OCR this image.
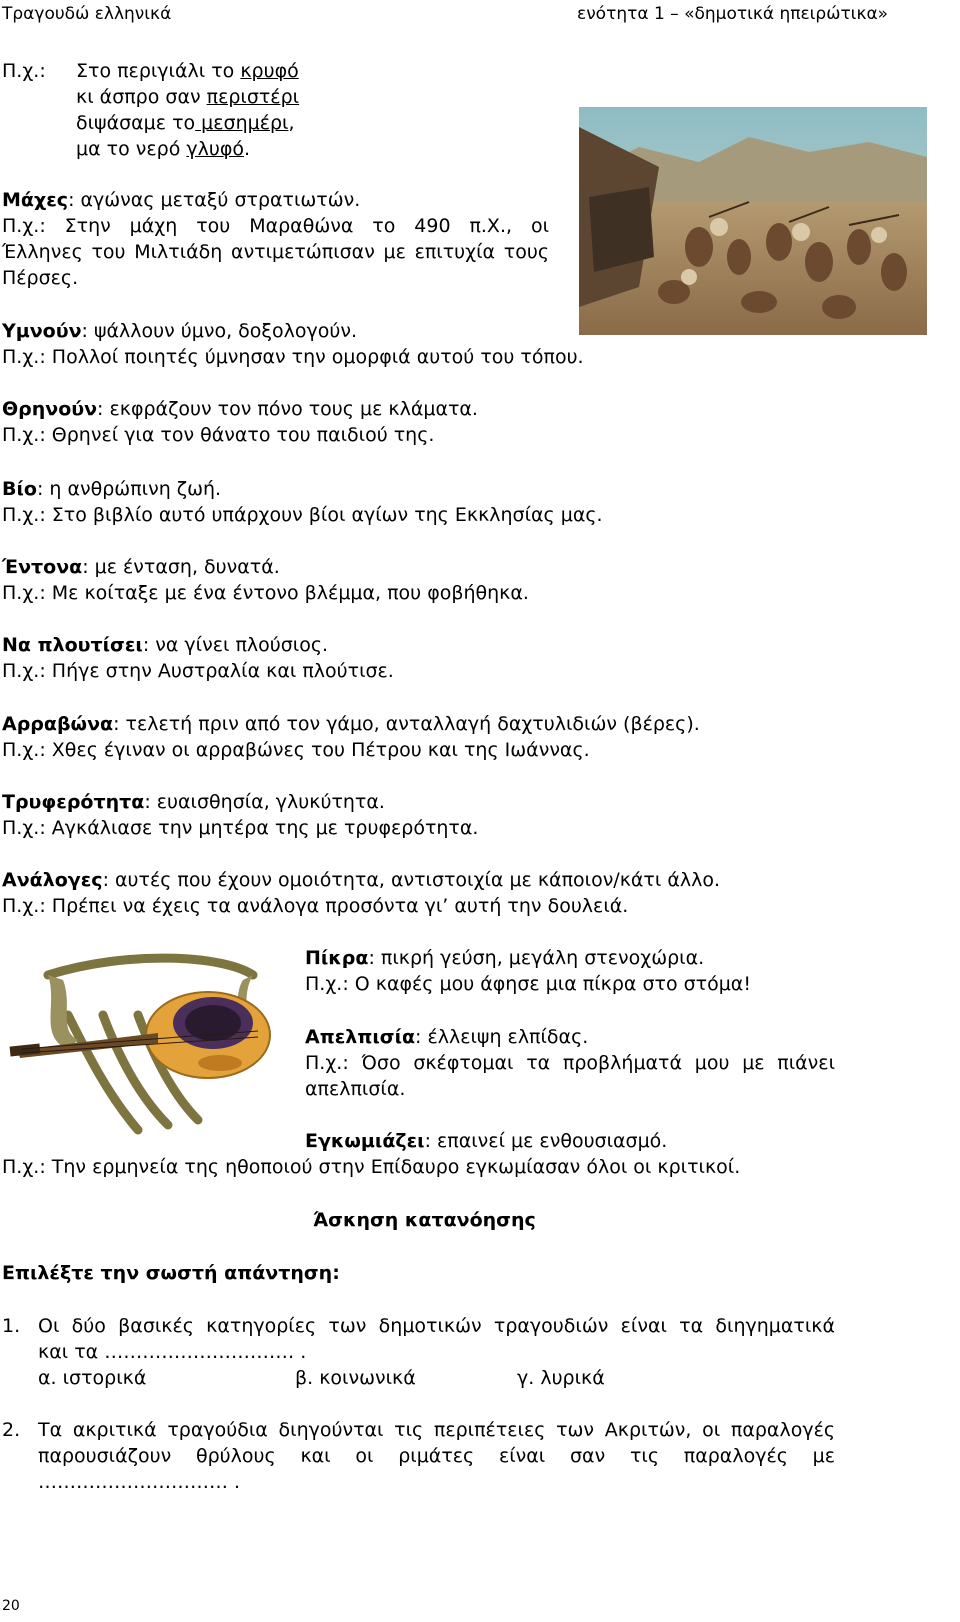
Τραγουδώ ελληνικά	ενότητα 1 – «δημοτικά ηπειρώτικα»
Π.χ.: Στο περιγιάλι το κρυφό
κι άσπρο σαν περιστέρι
διψάσαμε το μεσημέρι,
μα το νερό γλυφό.
Μάχες: αγώνας μεταξύ στρατιωτών.
Π.χ.: Στην μάχη του Μαραθώνα το 490 π.Χ., οι
Έλληνες του Μιλτιάδη αντιμετώπισαν με επιτυχία τους
Πέρσες.
Υμνούν: ψάλλουν ύμνο, δοξολογούν.
Π.χ.: Πολλοί ποιητές ύμνησαν την ομορφιά αυτού του τόπου.
Θρηνούν: εκφράζουν τον πόνο τους με κλάματα.
Π.χ.: Θρηνεί για τον θάνατο του παιδιού της.
Βίο: η ανθρώπινη ζωή.
Π.χ.: Στο βιβλίο αυτό υπάρχουν βίοι αγίων της Εκκλησίας μας.
Έντονα: με ένταση, δυνατά.
Π.χ.: Με κοίταξε με ένα έντονο βλέμμα, που φοβήθηκα.
Να πλουτίσει: να γίνει πλούσιος.
Π.χ.: Πήγε στην Αυστραλία και πλούτισε.
Αρραβώνα: τελετή πριν από τον γάμο, ανταλλαγή δαχτυλιδιών (βέρες).
Π.χ.: Χθες έγιναν οι αρραβώνες του Πέτρου και της Ιωάννας.
Τρυφερότητα: ευαισθησία, γλυκύτητα.
Π.χ.: Αγκάλιασε την μητέρα της με τρυφερότητα.
Ανάλογες: αυτές που έχουν ομοιότητα, αντιστοιχία με κάποιον/κάτι άλλο.
Π.χ.: Πρέπει να έχεις τα ανάλογα προσόντα γι’ αυτή την δουλειά.
Πίκρα: πικρή γεύση, μεγάλη στενοχώρια.
Π.χ.: Ο καφές μου άφησε μια πίκρα στο στόμα!
Απελπισία: έλλειψη ελπίδας.
Π.χ.: Όσο σκέφτομαι τα προβλήματά μου με πιάνει
απελπισία.
Εγκωμιάζει: επαινεί με ενθουσιασμό.
Π.χ.: Την ερμηνεία της ηθοποιού στην Επίδαυρο εγκωμίασαν όλοι οι κριτικοί.
Άσκηση κατανόησης
Επιλέξτε την σωστή απάντηση:
1. Οι δύο βασικές κατηγορίες των δημοτικών τραγουδιών είναι τα διηγηματικά
και τα ………………………… .
α. ιστορικά	β. κοινωνικά	γ. λυρικά
2. Τα ακριτικά τραγούδια διηγούνται τις περιπέτειες των Ακριτών, οι παραλογές
παρουσιάζουν θρύλους και οι ριμάτες είναι σαν τις παραλογές με
………………………… .
20
